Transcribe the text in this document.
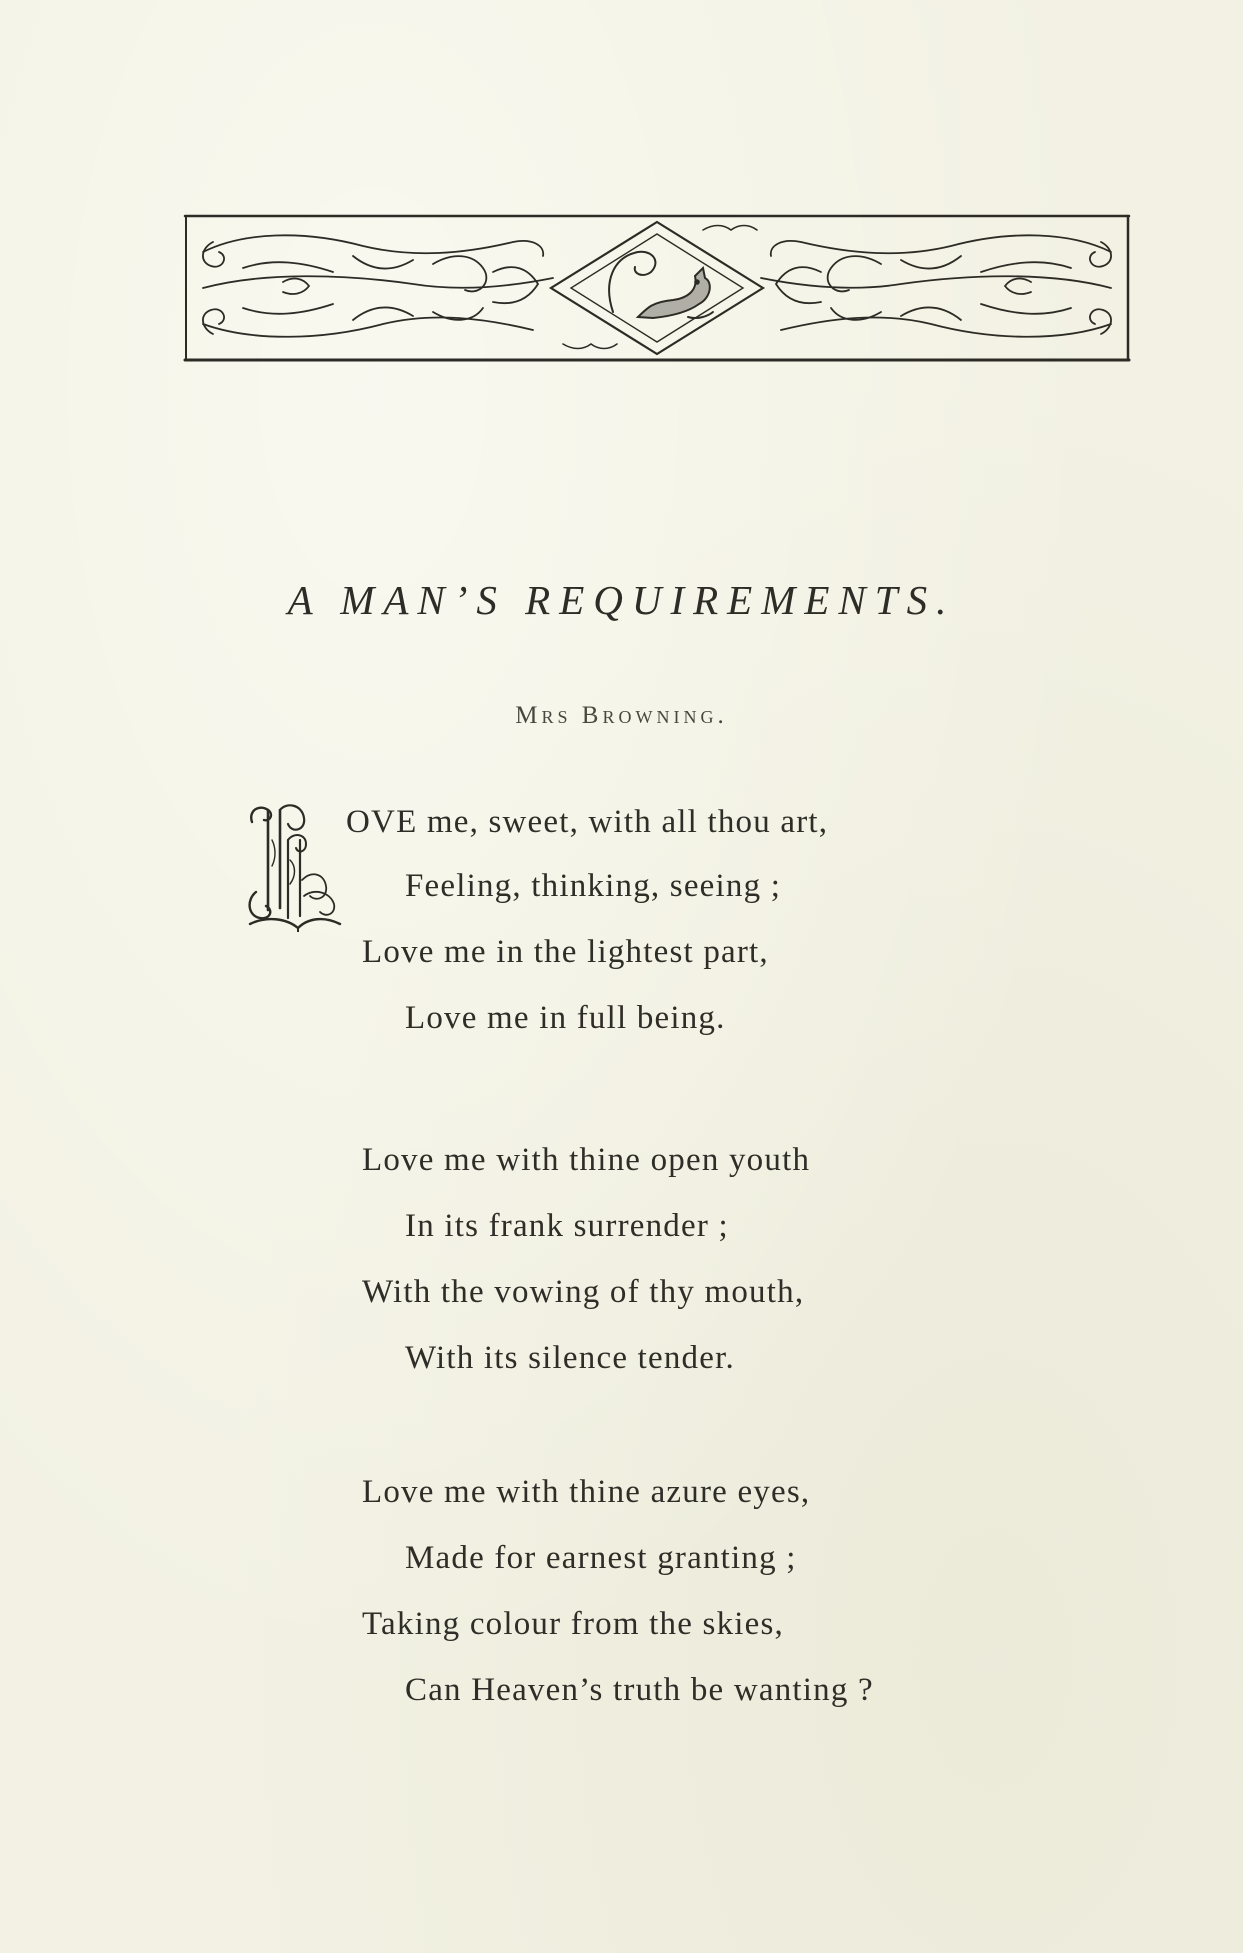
A MAN’S REQUIREMENTS.
Mrs Browning.
OVE me, sweet, with all thou art,
Feeling, thinking, seeing ;
Love me in the lightest part,
Love me in full being.
Love me with thine open youth
In its frank surrender ;
With the vowing of thy mouth,
With its silence tender.
Love me with thine azure eyes,
Made for earnest granting ;
Taking colour from the skies,
Can Heaven’s truth be wanting ?
